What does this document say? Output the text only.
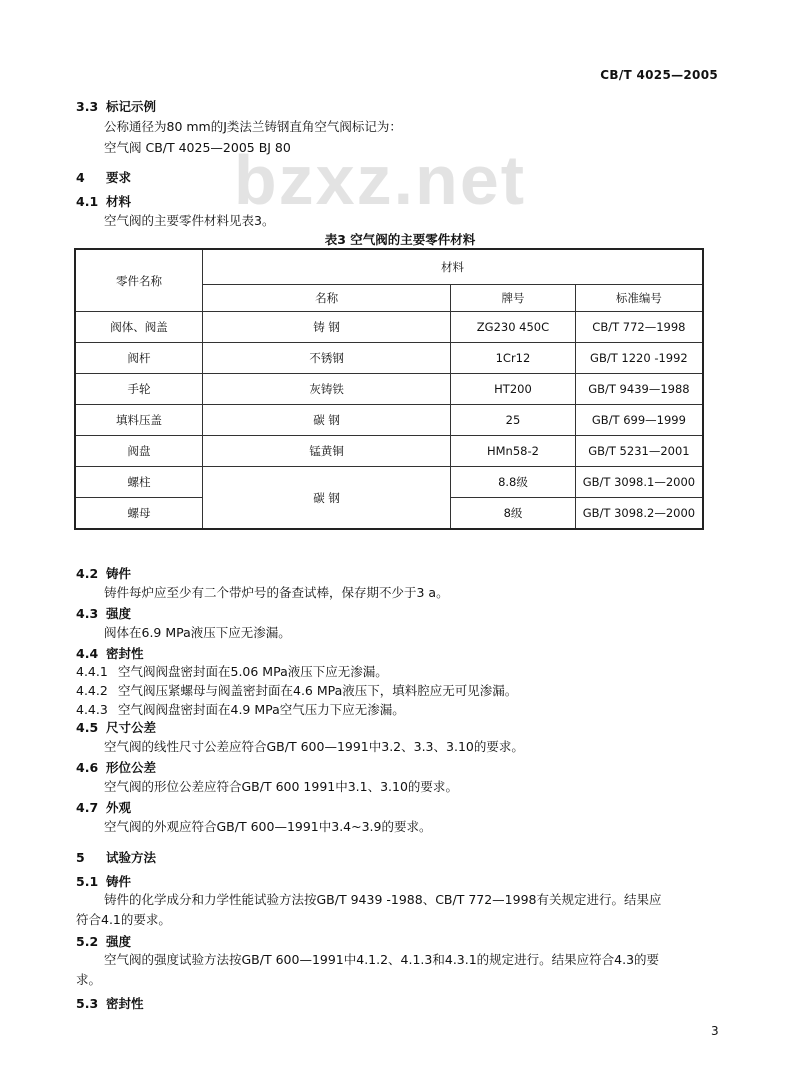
CB/T 4025—2005
bzxz.net
3.3 标记示例
公称通径为80 mm的J类法兰铸钢直角空气阀标记为：
空气阀 CB/T 4025—2005 BJ 80
4 要求
4.1 材料
空气阀的主要零件材料见表3。
表3 空气阀的主要零件材料
零件名称	材料		
	名称	牌号	标准编号
阀体、阀盖	铸 钢	ZG230 450C	CB/T 772—1998
阀杆	不锈钢	1Cr12	GB/T 1220 -1992
手轮	灰铸铁	HT200	GB/T 9439—1988
填料压盖	碳 钢	25	GB/T 699—1999
阀盘	锰黄铜	HMn58-2	GB/T 5231—2001
螺柱	碳 钢	8.8级	GB/T 3098.1—2000
螺母		8级	GB/T 3098.2—2000
4.2 铸件
铸件每炉应至少有二个带炉号的备查试棒，保存期不少于3 a。
4.3 强度
阀体在6.9 MPa液压下应无渗漏。
4.4 密封性
4.4.1 空气阀阀盘密封面在5.06 MPa液压下应无渗漏。
4.4.2 空气阀压紧螺母与阀盖密封面在4.6 MPa液压下，填料腔应无可见渗漏。
4.4.3 空气阀阀盘密封面在4.9 MPa空气压力下应无渗漏。
4.5 尺寸公差
空气阀的线性尺寸公差应符合GB/T 600—1991中3.2、3.3、3.10的要求。
4.6 形位公差
空气阀的形位公差应符合GB/T 600 1991中3.1、3.10的要求。
4.7 外观
空气阀的外观应符合GB/T 600—1991中3.4~3.9的要求。
5 试验方法
5.1 铸件
铸件的化学成分和力学性能试验方法按GB/T 9439 -1988、CB/T 772—1998有关规定进行。结果应
符合4.1的要求。
5.2 强度
空气阀的强度试验方法按GB/T 600—1991中4.1.2、4.1.3和4.3.1的规定进行。结果应符合4.3的要
求。
5.3 密封性
3
